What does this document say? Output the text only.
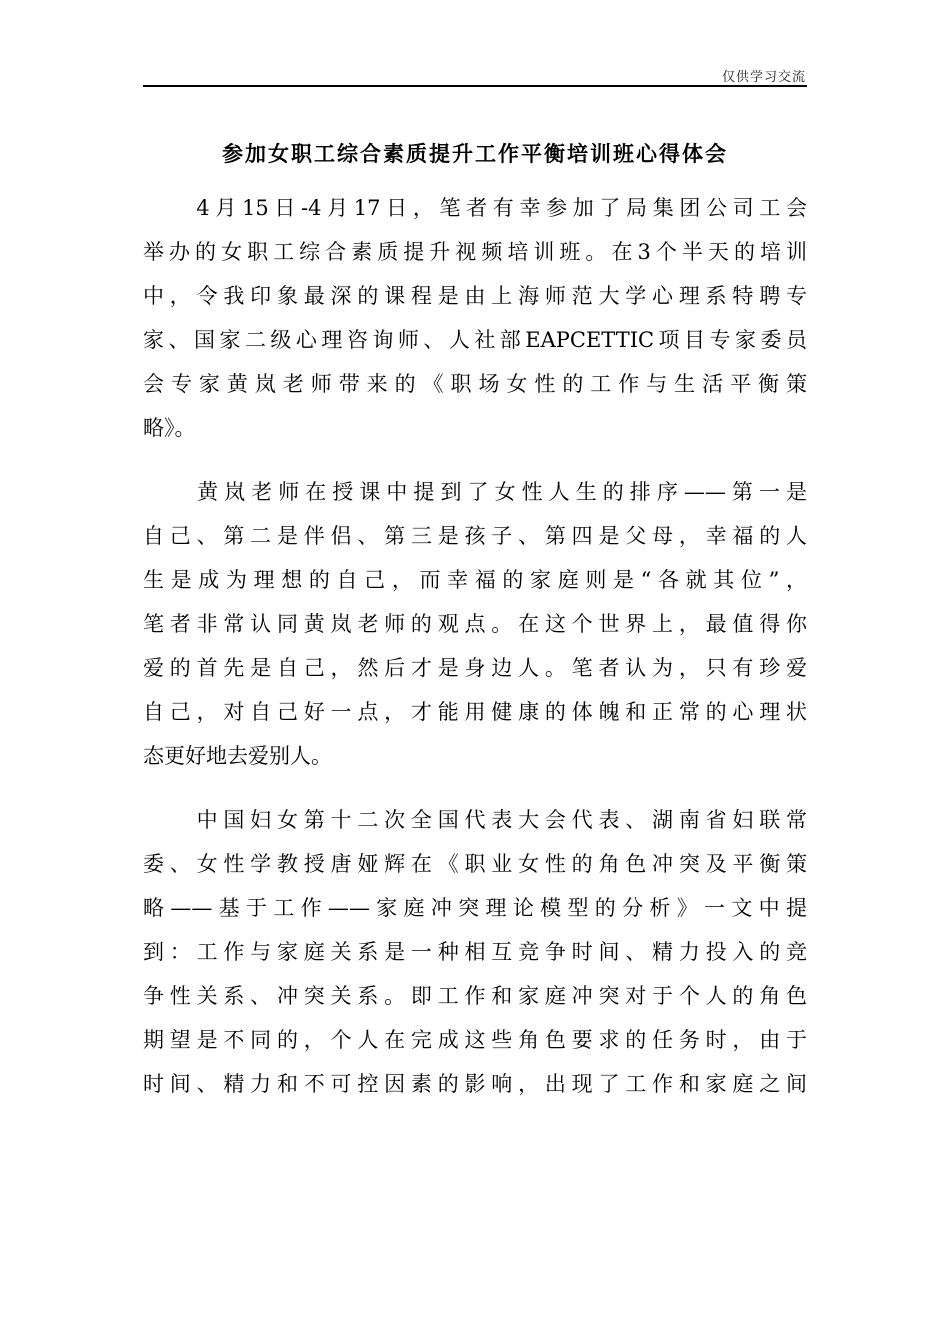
仅供学习交流
参加女职工综合素质提升工作平衡培训班心得体会
　　4月15日-4月17日，笔者有幸参加了局集团公司工会
举办的女职工综合素质提升视频培训班。在3个半天的培训
中，令我印象最深的课程是由上海师范大学心理系特聘专
家、国家二级心理咨询师、人社部EAPCETTIC项目专家委员
会专家黄岚老师带来的《职场女性的工作与生活平衡策
略》。
　　黄岚老师在授课中提到了女性人生的排序——第一是
自己、第二是伴侣、第三是孩子、第四是父母，幸福的人
生是成为理想的自己，而幸福的家庭则是“各就其位”，
笔者非常认同黄岚老师的观点。在这个世界上，最值得你
爱的首先是自己，然后才是身边人。笔者认为，只有珍爱
自己，对自己好一点，才能用健康的体魄和正常的心理状
态更好地去爱别人。
　　中国妇女第十二次全国代表大会代表、湖南省妇联常
委、女性学教授唐娅辉在《职业女性的角色冲突及平衡策
略——基于工作——家庭冲突理论模型的分析》一文中提
到：工作与家庭关系是一种相互竞争时间、精力投入的竞
争性关系、冲突关系。即工作和家庭冲突对于个人的角色
期望是不同的，个人在完成这些角色要求的任务时，由于
时间、精力和不可控因素的影响，出现了工作和家庭之间
